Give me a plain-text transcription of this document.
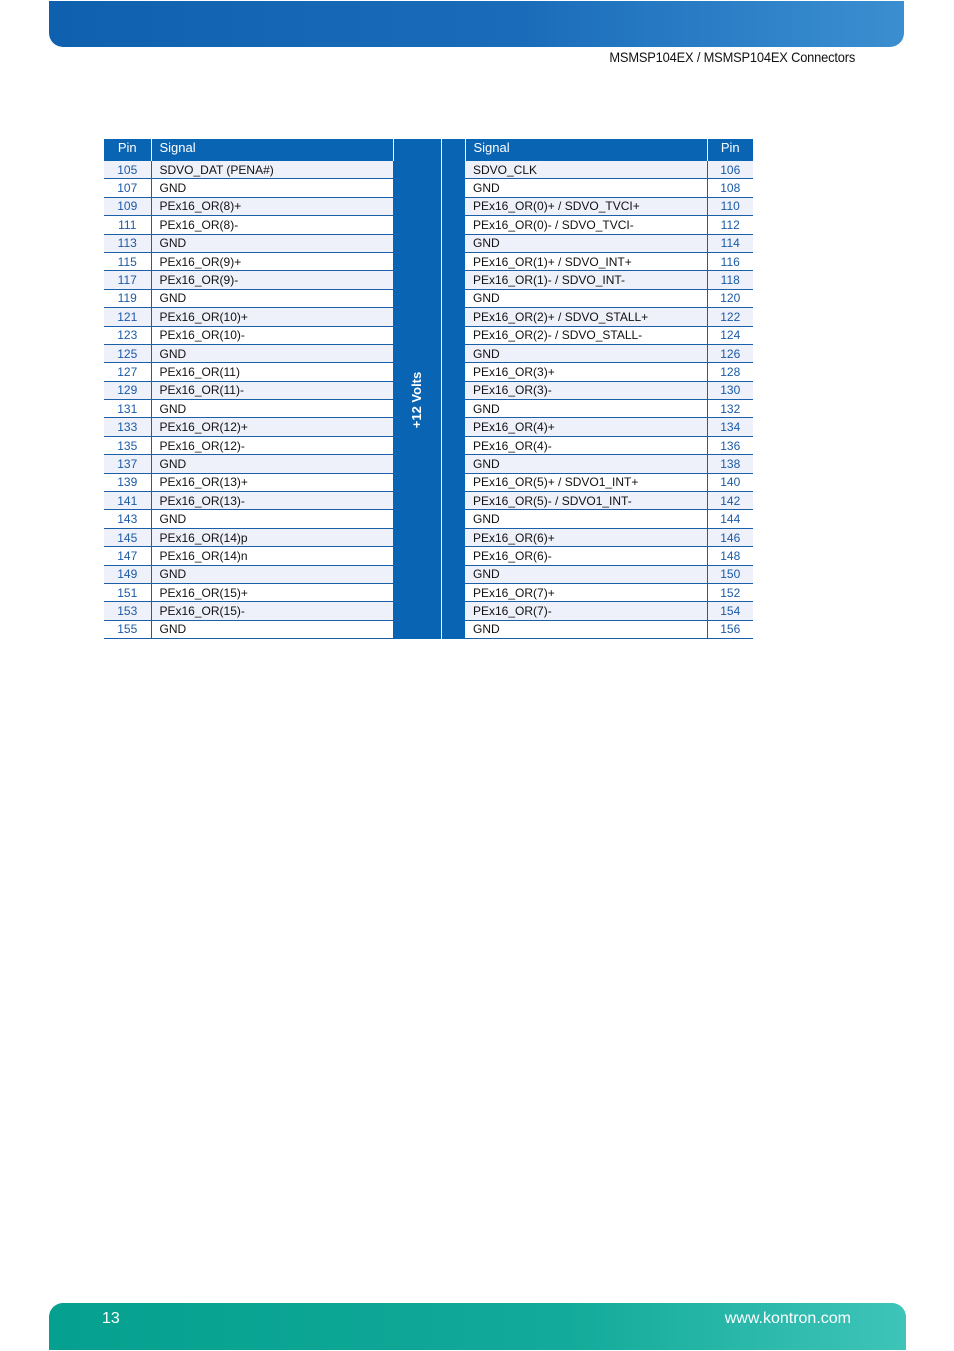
MSMSP104EX / MSMSP104EX Connectors
Pin	Signal			Signal	Pin
105	SDVO_DAT (PENA#)	+12 Volts		SDVO_CLK	106
107	GND			GND	108
109	PEx16_OR(8)+			PEx16_OR(0)+ / SDVO_TVCI+	110
111	PEx16_OR(8)-			PEx16_OR(0)- / SDVO_TVCI-	112
113	GND			GND	114
115	PEx16_OR(9)+			PEx16_OR(1)+ / SDVO_INT+	116
117	PEx16_OR(9)-			PEx16_OR(1)- / SDVO_INT-	118
119	GND			GND	120
121	PEx16_OR(10)+			PEx16_OR(2)+ / SDVO_STALL+	122
123	PEx16_OR(10)-			PEx16_OR(2)- / SDVO_STALL-	124
125	GND			GND	126
127	PEx16_OR(11)			PEx16_OR(3)+	128
129	PEx16_OR(11)-			PEx16_OR(3)-	130
131	GND			GND	132
133	PEx16_OR(12)+			PEx16_OR(4)+	134
135	PEx16_OR(12)-			PEx16_OR(4)-	136
137	GND			GND	138
139	PEx16_OR(13)+			PEx16_OR(5)+ / SDVO1_INT+	140
141	PEx16_OR(13)-			PEx16_OR(5)- / SDVO1_INT-	142
143	GND			GND	144
145	PEx16_OR(14)p			PEx16_OR(6)+	146
147	PEx16_OR(14)n			PEx16_OR(6)-	148
149	GND			GND	150
151	PEx16_OR(15)+			PEx16_OR(7)+	152
153	PEx16_OR(15)-			PEx16_OR(7)-	154
155	GND			GND	156
13	www.kontron.com
